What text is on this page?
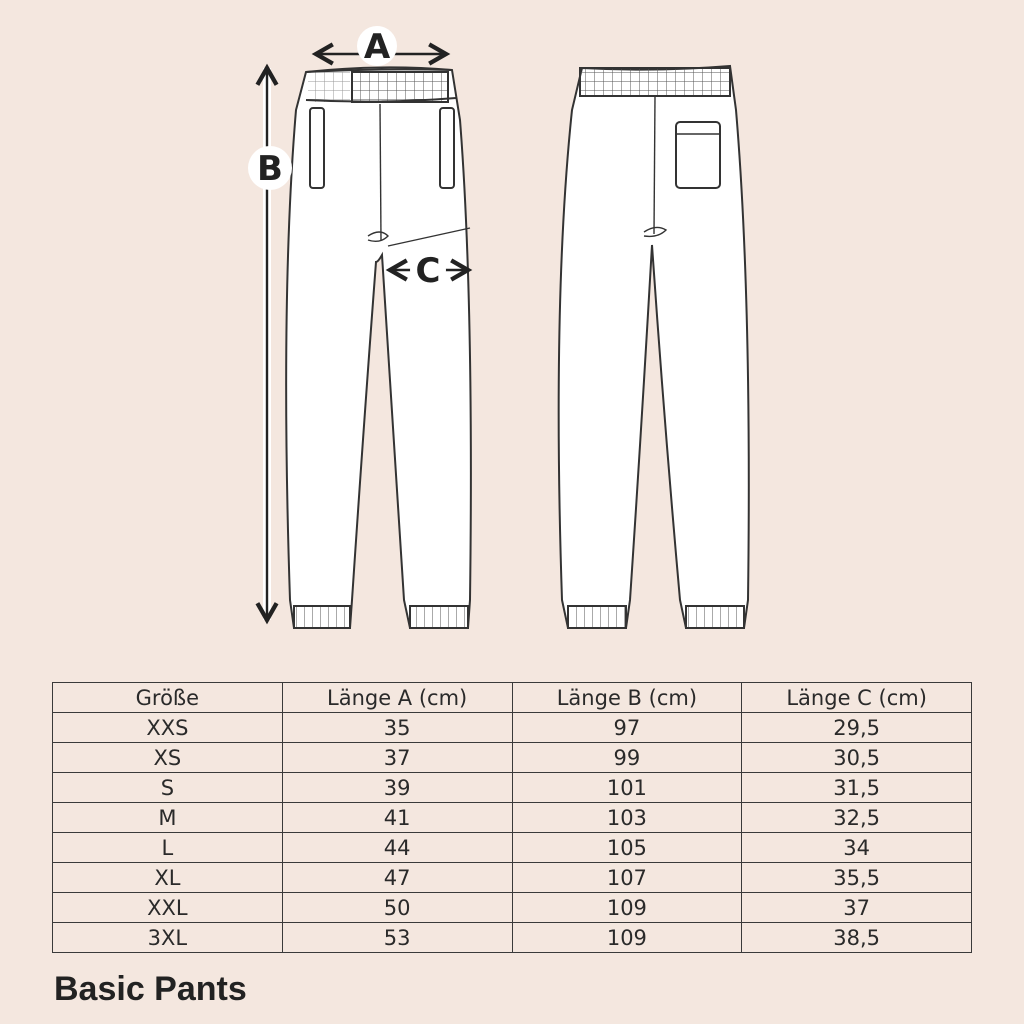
A
B
C
Größe	Länge A (cm)	Länge B (cm)	Länge C (cm)
XXS	35	97	29,5
XS	37	99	30,5
S	39	101	31,5
M	41	103	32,5
L	44	105	34
XL	47	107	35,5
XXL	50	109	37
3XL	53	109	38,5
Basic Pants
